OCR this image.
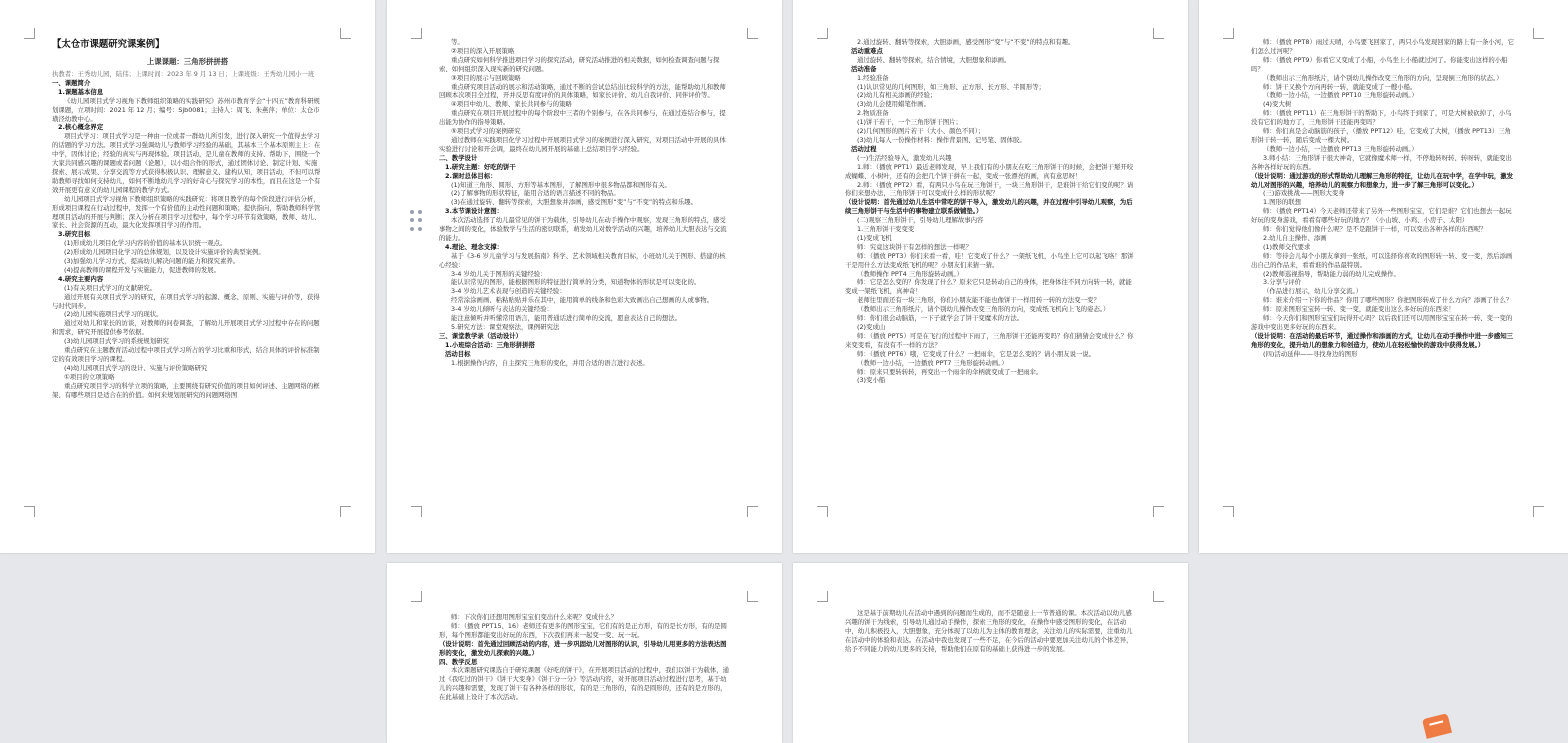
【太仓市课题研究课案例】

上课课题：三角形拼拼搭

执教者：王秀幼儿园，陆伟；上课时间：2023 年 9 月 13 日；上课班级：王秀幼儿园小一班

一、课题简介

1.课题基本信息

《幼儿园项目式学习视角下教师组织策略的实践研究》苏州市教育学会“十四五”教育科研规划课题，立项时间：2021 年 12 月；编号：Sjb0081；主持人：周飞、朱燕萍；单位：太仓市璜泾幼教中心。

2.核心概念界定

项目式学习：项目式学习是一种由一位或者一群幼儿所引发，进行深入研究一个值得去学习的话题的学习方法。项目式学习强调幼儿与教师学习经验的基础，其基本三个基本原则主上：在中学，因体讨论；经验的真实与再现体验。项目活动，是儿童在教师的支持、帮助下，围绕一个大家共同感兴趣的课题或者问题（论题），以小组合作的形式，通过团体讨论、制定计划、实施探索、展示成果、分享交流等方式获得积极认识、理解意义、建构认知，项目活动，不但可以帮助教师寻找如何支持幼儿，如何不断地幼儿学习的好奇心与探究学习的本性，而且在这是一个有效开展更有意义的幼儿园课程的教学方式。

幼儿园项目式学习视角下教师组织策略的实践研究：将项目教学的每个阶段进行评估分析，形成项目课程在行动过程中，发挥一个有价值的主动性问题和策略；提供指向，帮助教师科学管理项目活动的开展与判断；深入分析在项目学习过程中，每个学习环节有效策略，教师、幼儿、家长、社会资源的互动，最大化发挥项目学习的作用。

3.研究目标

(1)形成幼儿项目化学习内容的价值的基本认识统一观点。

(2)形成幼儿园项目化学习的总体规划，以及设计实施评价的典型案例。

(3)加强幼儿学习方式，提高幼儿解决问题的能力和探究素养。

(4)提高教师的课程开发与实施能力，促进教师的发展。

4.研究主要内容

(1)有关项目式学习的文献研究。

通过开展有关项目式学习的研究，在项目式学习的起源、概念、原则、实施与评价等，获得与时代同步。

(2)幼儿园实施项目式学习的现状。

通过对幼儿和家长的访谈，对教师的问卷调查，了解幼儿开展项目式学习过程中存在的问题和需求，研究开展提供参考依据。

(3)幼儿园项目式学习的系统规划研究

重点研究在主题教育活动过程中项目式学习所占的学习比重和形式，结合具体的评价标准制定的有效项目学习的课程。

(4)幼儿园项目式学习的设计、实施与评价策略研究

①项目的立项策略

重点研究项目学习的科学立项的策略，主要围绕有研究价值的项目如何评述、主题网络的框架、有哪些项目是适合在的价值。如何来规划展研究的问题网络图

等。

②项目的深入开展策略

重点研究如何科学推进项目学习的探究活动，研究活动推进的相关数据，如何检查调查问题与探索、如何组织深入现实新的研究问题。

③项目的展示与回顾策略

重点研究项目活动的展示和活动策略，通过不断的尝试总结出比较科学的方法，能帮助幼儿和教师回顾本次项目全过程，开并反思有度评价的具体策略，如家长评价、幼儿自我评价、同伴评价等。

④项目中幼儿、教师、家长共同参与的策略

重点研究在项目开展过程中的每个阶段中三者的个别参与，在各共同参与，在通过连结合参与，提出能为协作的指导策略。

⑤项目式学习的案例研究

通过教师在实践项目化学习过程中开展项目式学习的案例进行深入研究，对项目活动中开展的具体实验进行讨论和开会调，最终在幼儿园开展的基础上总结项目学习经验。

二、教学设计

1.研究主题：好吃的饼干

2.课时总体目标：

(1)知道三角形、圆形、方形等基本图形，了解图形中很多物品都和图形有关。

(2)了解事物的形状特征，能用合适的语言描述不同的物品。

(3)在通过旋转、翻转等探索，大胆想象并添画，感受图形“变”与“不变”的特点和乐趣。

3.本节课设计意图：

本次活动选择了幼儿最常见的饼干为载体，引导幼儿在动手操作中观察，发现三角形的特点，感受事物之间的变化，体验数学与生活的密切联系，萌发幼儿对数学活动的兴趣，培养幼儿大胆表达与交流的能力。

4.理论、理念支撑：

基于《3-6 岁儿童学习与发展指南》科学、艺术领域相关教育目标，小班幼儿关于图形、搭建的核心经验：

3-4 岁幼儿关于图形的关键经验：

能认识常见的图形，能根据图形的特征进行简单的分类，知道物体的形状是可以变化的。

3-4 岁幼儿艺术表现与创造的关键经验：

经常涂涂画画、粘粘贴贴并乐在其中，能用简单的线条和色彩大致画出自己想画的人或事物。

3-4 岁幼儿倾听与表达的关键经验：

能注意倾听并听懂常用语言，能用普通话进行简单的交流，愿意表达自己的想法。

5.研究方法：课堂观察法，课例研究法

三、课堂教学录（活动设计）

1.小班综合活动：三角形拼拼搭

活动目标

1.根据操作内容，自主探究三角形的变化，并用合适的语言进行表述。

2.通过旋转、翻转等探索，大胆添画，感受图形“变”与“不变”的特点和有趣。

活动重难点

通过旋转、翻转等探索，结合情境，大胆想象和添画。

活动准备

1.经验准备

(1)认识常见的几何图形，如三角形、正方形、长方形、半圆形等；

(2)幼儿有相关添画的经验；

(3)幼儿会使用蜡笔作画。

2.物质准备

(1)饼干若干，一个三角形饼干图片；

(2)几何图形的图片若干（大小、颜色不同）；

(3)幼儿每人一份操作材料：操作背景图、记号笔、固体胶。

活动过程

(一)生活经验导入，激发幼儿兴趣

1.师：（播放 PPT1）最近老师发现，早上我们有的小朋友在吃三角形饼干的时候，会把饼干掰开咬成蝴蝶、小树叶，还有的会把几个饼干拼在一起，变成一张漂亮的画，真有意思呀！

2.师：（播放 PPT2）看，有两只小鸟在玩三角饼干，一块三角形饼干，是谁饼干给它们变的呢？请你们来想办法，三角形饼干可以变成什么样的形状呢？

（设计说明：首先通过幼儿生活中常吃的饼干导入，激发幼儿的兴趣，并在过程中引导幼儿观察，为后续三角形饼干与生活中的事物建立联系做铺垫。）

(二)观察三角形饼干，引导幼儿理解故事内容

1.三角形饼干变变变

(1)变成飞机

师：究竟这块饼干有怎样的想法一样呢？

师：（播放 PPT3）你们来看一看，哇！它变成了什么？一架纸飞机，小鸟坐上它可以起飞咯！那饼干是用什么方法变成纸飞机的呢？小朋友们来猜一猜。

（教师操作 PPT4 三角形旋转动画。）

师：它是怎么变的？你发现了什么？原来它只是转动自己的身体，把身体往不同方向转一转，就能变成一架纸飞机，真神奇！

老师往里面还有一块三角形，你们小朋友能不能也像饼干一样用转一转的方法变一变？

（教师出示三角形纸片，请个别幼儿操作改变三角形的方向，变成纸飞机向上飞的姿态。）

师：你们很会动脑筋，一下子就学会了饼干变魔术的方法。

(2)变成山

师：（播放 PPT5）可是在飞行的过程中下雨了，三角形饼干还能再变吗？你们猜猜会变成什么？你来变变看，有没有不一样的方法？

师：（播放 PPT6）哦，它变成了什么？一把雨伞，它是怎么变的？请小朋友说一说。

（教师一边小结，一边播放 PPT7 三角形旋转动画。）

师：原来只要转转转，再变出一个雨伞的伞柄就变成了一把雨伞。

(3)变小船

师：（播放 PPT8）雨过天晴，小鸟要飞回家了，两只小鸟发现回家的路上有一条小河，它们怎么过河呢？

师：（播放 PPT9）你看它又变成了小船，小鸟坐上小船就过河了。你能变出这样的小船吗？

（教师出示三角形纸片，请个别幼儿操作改变三角形的方向，呈现倒三角形的状态。）

师：饼干又换个方向再转一转，就能变成了一艘小船。

（教师一边小结，一边播放 PPT10 三角形旋转动画。）

(4)变大树

师：（播放 PPT11）在三角形饼干的帮助下，小鸟终于到家了，可是大树被砍掉了，小鸟没有它们的地方了，三角形饼干还能再变吗？

师：你们真是会动脑筋的孩子，（播放 PPT12）哇，它变成了大树，（播放 PPT13）三角形饼干转一转，随后变成一棵大树。

（教师一边小结，一边播放 PPT13 三角形旋转动画。）

3.师小结：三角形饼干很大神奇，它就像魔术师一样，不停地转呀转、转呀转，就能变出各种各样好玩的东西。

（设计说明：通过游戏的形式帮助幼儿理解三角形的特征，让幼儿在玩中学，在学中玩，激发幼儿对图形的兴趣，培养幼儿的观察力和想象力，进一步了解三角形可以变化。）

(三)游戏挑战——图形大变身

1.图形的联想

师：（播放 PPT14）今天老师还带来了另外一些图形宝宝，它们是谁？它们也想去一起玩好玩的变身游戏，看看有哪些好玩的地方？（小山坡、小鸡、小房子、太阳）

师：你们觉得他们像什么呢？是不是跟饼干一样，可以变出各种各样的东西呢？

2.幼儿自主操作、添画

(1)教师交代要求

师：等待会儿每个小朋友拿到一张纸，可以选择你喜欢的图形转一转、变一变，然后添画出自己的作品来，看看谁的作品最特别。

(2)教师巡视指导，帮助能力弱的幼儿完成操作。

3.分享与评价

（作品进行展示，幼儿分享交流。）

师：谁来介绍一下你的作品？你用了哪些图形？你把图形转成了什么方向？添画了什么？

师：原来图形宝宝转一转、变一变，就能变出这么多好玩的东西来！

师：今天你们和图形宝宝们玩得开心吗？以后我们还可以用图形宝宝在转一转、变一变的游戏中变出更多好玩的东西来。

（设计说明：在活动的最后环节，通过操作和添画的方式，让幼儿在动手操作中进一步感知三角形的变化，提升幼儿的想象力和创造力，使幼儿在轻松愉快的游戏中获得发展。）

(四)活动延伸——寻找身边的图形

师：下次你们还想用图形宝宝们变出什么来呢？变成什么？

师：（播放 PPT15、16）老师还有更多的图形宝宝，它们有的是正方形，有的是长方形，有的是圆形，每个图形都能变出好玩的东西，下次我们再来一起变一变、玩一玩。

（设计说明：首先通过回顾活动的内容，进一步巩固幼儿对图形的认识，引导幼儿用更多的方法表达图形的变化，激发幼儿探索的兴趣。）

四、教学反思

本次课题研究课选自于研究课题《好吃的饼干》，在开展项目活动的过程中，我们以饼干为载体，通过《我吃过的饼干》《饼干大变身》《饼干分一分》等活动内容，对开展项目活动过程进行思考，基于幼儿的兴趣和需要，发现了饼干有各种各样的形状，有的是三角形的，有的是圆形的，还有的是方形的，在此基础上设计了本次活动。

这是基于前期幼儿在活动中遇到的问题而生成的，而不是随意上一节普通的课。本次活动以幼儿感兴趣的饼干为线索，引导幼儿通过动手操作，探索三角形的变化，在操作中感受图形的变化，在活动中，幼儿积极投入，大胆想象，充分体现了以幼儿为主体的教育理念，关注幼儿的实际需要，注重幼儿在活动中的体验和表达。在活动中我也发现了一些不足，在今后的活动中要更加关注幼儿的个体差异，给予不同能力的幼儿更多的支持，帮助他们在原有的基础上获得进一步的发展。
